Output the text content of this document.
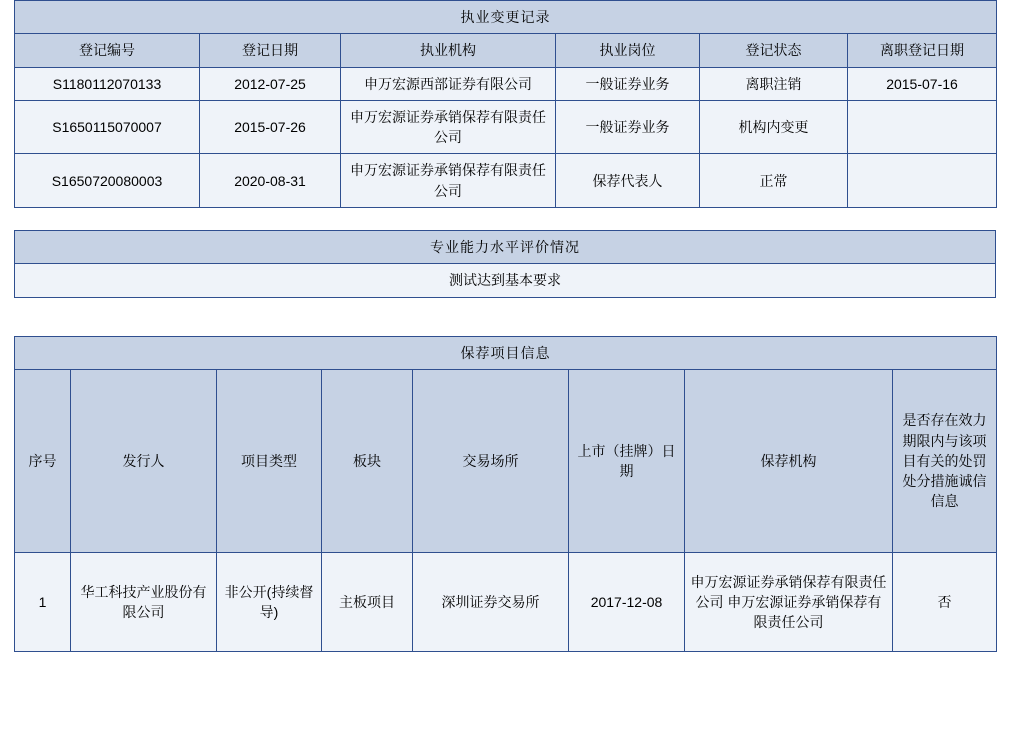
执业变更记录					
登记编号	登记日期	执业机构	执业岗位	登记状态	离职登记日期
S1180112070133	2012-07-25	申万宏源西部证券有限公司	一般证券业务	离职注销	2015-07-16
S1650115070007	2015-07-26	申万宏源证券承销保荐有限责任公司	一般证券业务	机构内变更	
S1650720080003	2020-08-31	申万宏源证券承销保荐有限责任公司	保荐代表人	正常	
专业能力水平评价情况
测试达到基本要求
保荐项目信息							
序号	发行人	项目类型	板块	交易场所	上市（挂牌）日期	保荐机构	是否存在效力期限内与该项目有关的处罚处分措施诚信信息
1	华工科技产业股份有限公司	非公开(持续督导)	主板项目	深圳证券交易所	2017-12-08	申万宏源证券承销保荐有限责任公司 申万宏源证券承销保荐有限责任公司	否
